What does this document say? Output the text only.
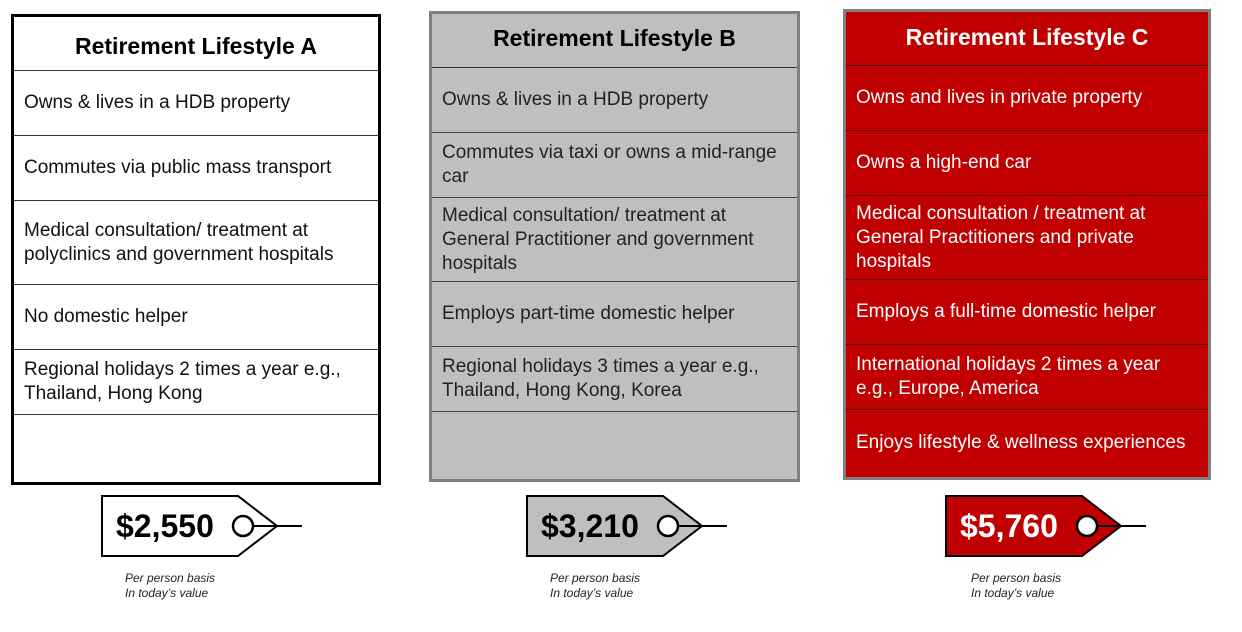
Retirement Lifestyle A
Owns & lives in a HDB property
Commutes via public mass transport
Medical consultation/ treatment at polyclinics and government hospitals
No domestic helper
Regional holidays 2 times a year e.g., Thailand, Hong Kong
Retirement Lifestyle B
Owns & lives in a HDB property
Commutes via taxi or owns a mid-range car
Medical consultation/ treatment at General Practitioner and government hospitals
Employs part-time domestic helper
Regional holidays 3 times a year e.g., Thailand, Hong Kong, Korea
Retirement Lifestyle C
Owns and lives in private property
Owns a high-end car
Medical consultation / treatment at General Practitioners and private hospitals
Employs a full-time domestic helper
International holidays 2 times a year e.g., Europe, America
Enjoys lifestyle & wellness experiences
$2,550
Per person basis
In today’s value
$3,210
Per person basis
In today’s value
$5,760
Per person basis
In today’s value
